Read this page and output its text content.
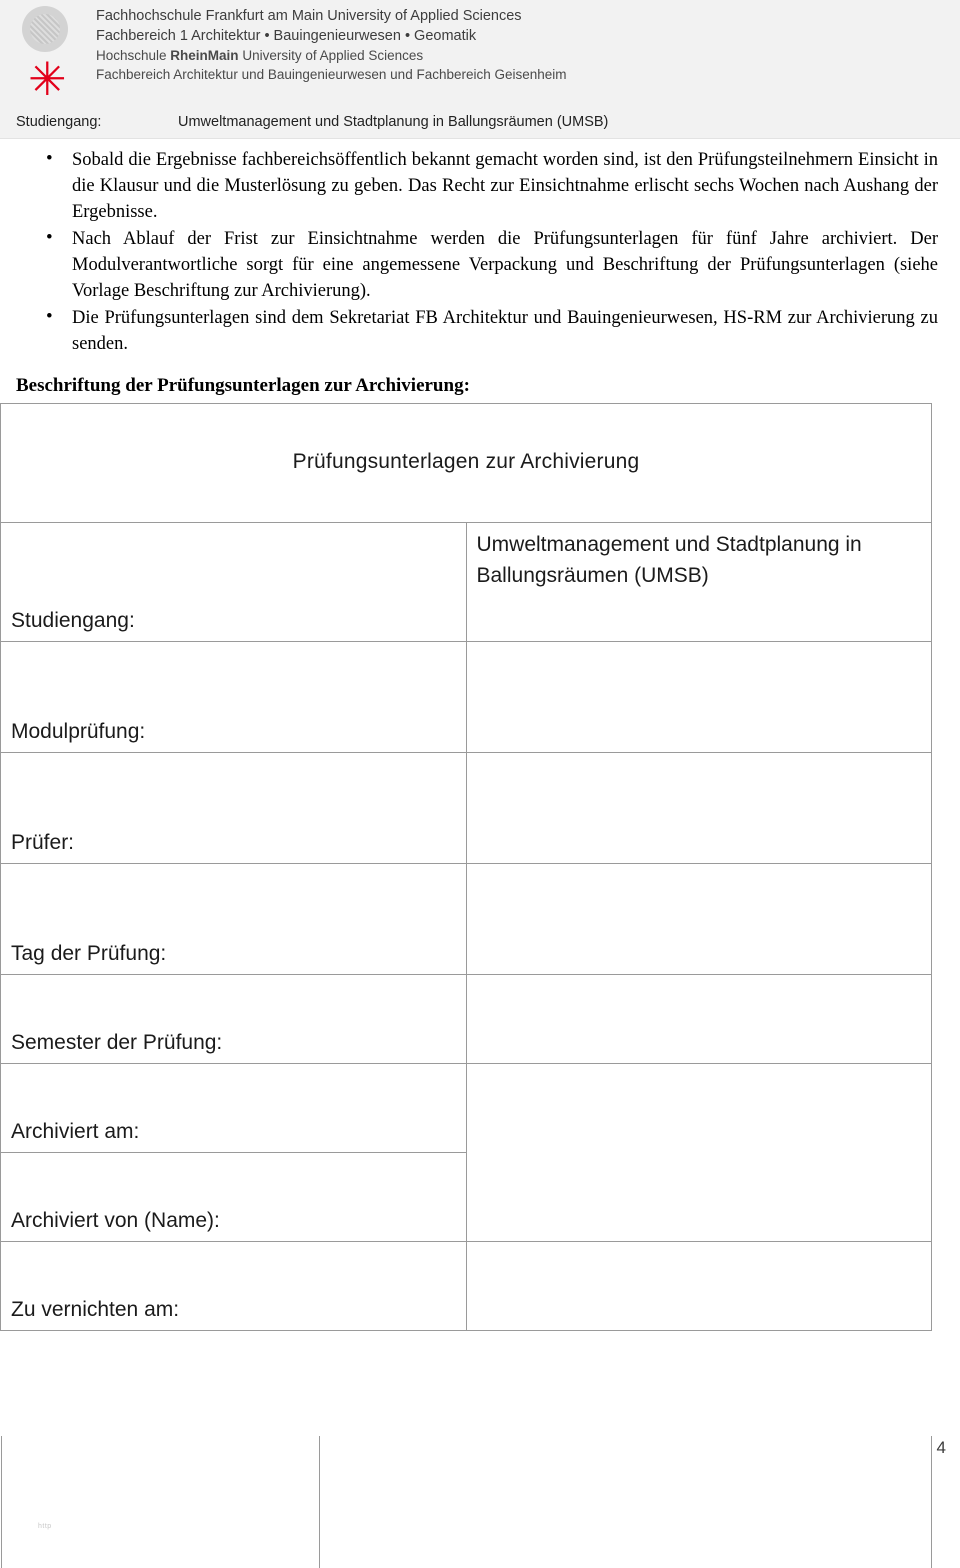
✳
Fachhochschule Frankfurt am Main University of Applied Sciences
Fachbereich 1 Architektur • Bauingenieurwesen • Geomatik
Hochschule RheinMain University of Applied Sciences
Fachbereich Architektur und Bauingenieurwesen und Fachbereich Geisenheim
Studiengang:	Umweltmanagement und Stadtplanung in Ballungsräumen (UMSB)
• Sobald die Ergebnisse fachbereichsöffentlich bekannt gemacht worden sind, ist den Prüfungsteilnehmern Einsicht in die Klausur und die Musterlösung zu geben. Das Recht zur Einsichtnahme erlischt sechs Wochen nach Aushang der Ergebnisse.
• Nach Ablauf der Frist zur Einsichtnahme werden die Prüfungsunterlagen für fünf Jahre archiviert. Der Modulverantwortliche sorgt für eine angemessene Verpackung und Beschriftung der Prüfungsunterlagen (siehe Vorlage Beschriftung zur Archivierung).
• Die Prüfungsunterlagen sind dem Sekretariat FB Architektur und Bauingenieurwesen, HS-RM zur Archivierung zu senden.
Beschriftung der Prüfungsunterlagen zur Archivierung:
Prüfungsunterlagen zur Archivierung	
Studiengang:	Umweltmanagement und Stadtplanung in Ballungsräumen (UMSB)
Modulprüfung:	
Prüfer:	
Tag der Prüfung:	
Semester der Prüfung:	
Archiviert am:	
Archiviert von (Name):	
Zu vernichten am:	
4
http
